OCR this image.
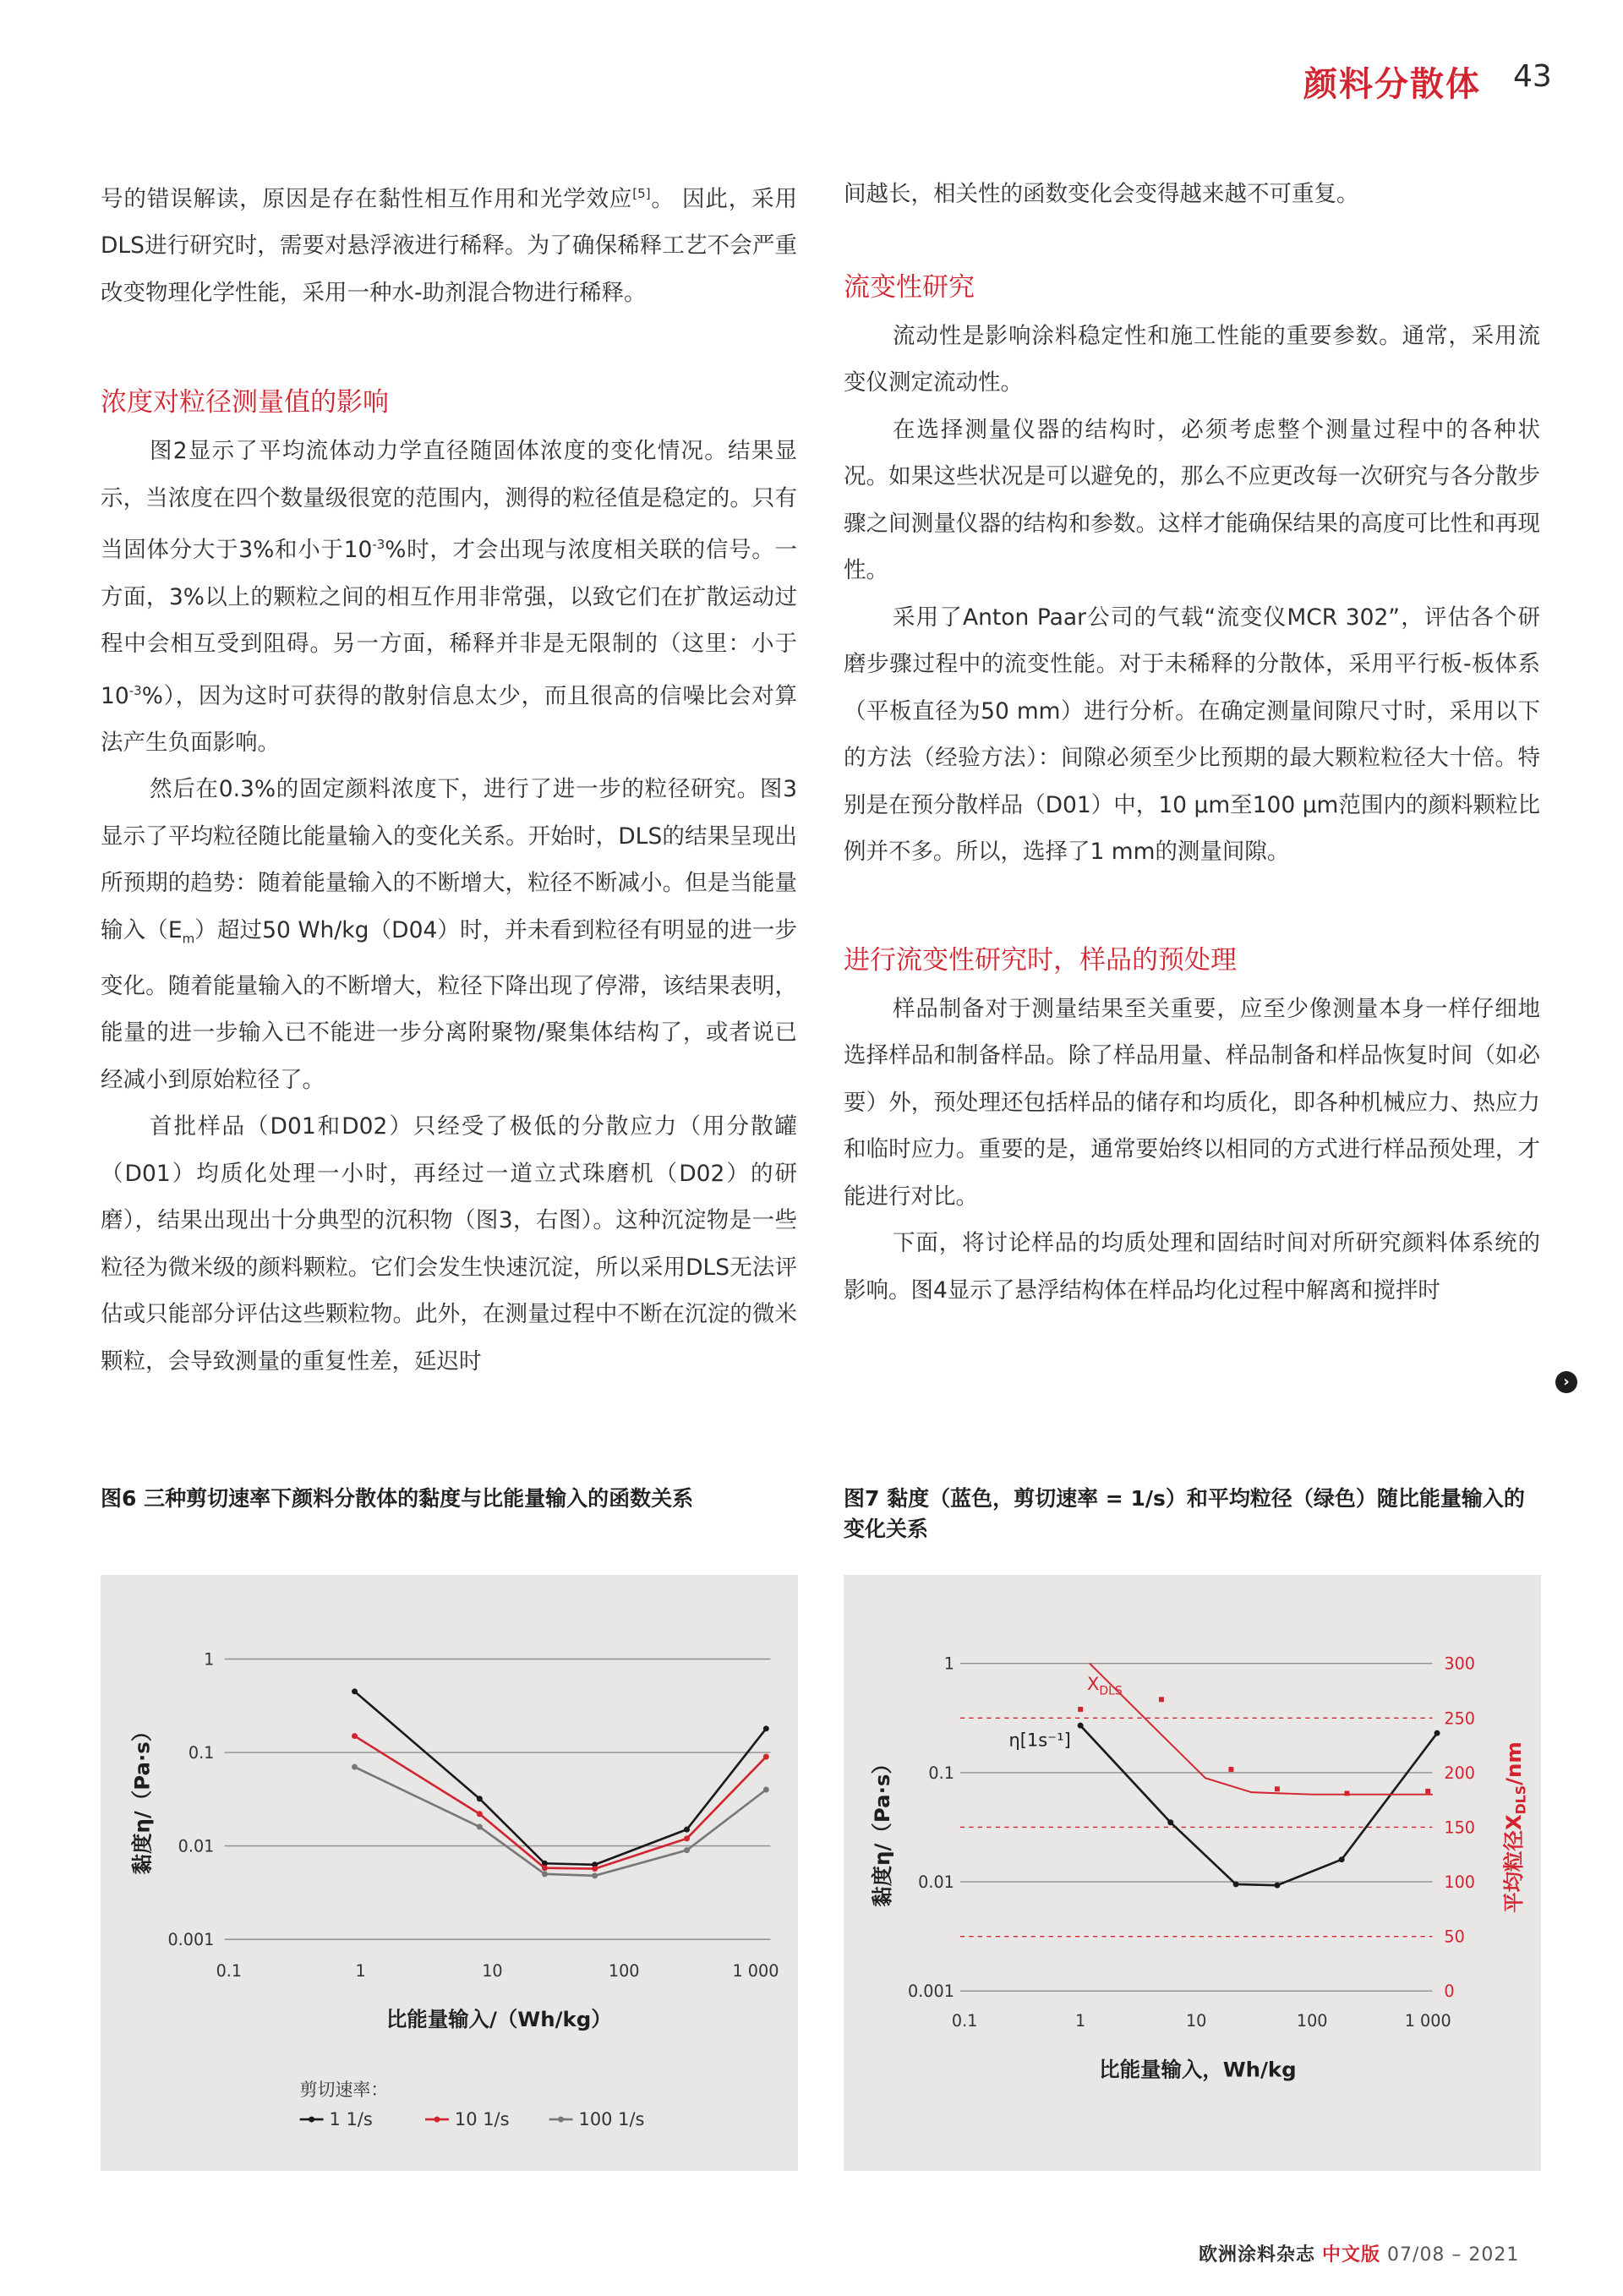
颜料分散体 43

号的错误解读，原因是存在黏性相互作用和光学效应[5]。 因此，采用DLS进行研究时，需要对悬浮液进行稀释。为了确保稀释工艺不会严重改变物理化学性能，采用一种水-助剂混合物进行稀释。

浓度对粒径测量值的影响

图2显示了平均流体动力学直径随固体浓度的变化情况。结果显示，当浓度在四个数量级很宽的范围内，测得的粒径值是稳定的。只有当固体分大于3%和小于$10^{-3}\%$时，才会出现与浓度相关联的信号。一方面，3%以上的颗粒之间的相互作用非常强，以致它们在扩散运动过程中会相互受到阻碍。另一方面，稀释并非是无限制的（这里：小于$10^{-3}\%$），因为这时可获得的散射信息太少，而且很高的信噪比会对算法产生负面影响。

然后在0.3%的固定颜料浓度下，进行了进一步的粒径研究。图3显示了平均粒径随比能量输入的变化关系。开始时，DLS的结果呈现出所预期的趋势：随着能量输入的不断增大，粒径不断减小。但是当能量输入$(E_m)$超过50 Wh/kg（D04）时，并未看到粒径有明显的进一步变化。随着能量输入的不断增大，粒径下降出现了停滞，该结果表明，能量的进一步输入已不能进一步分离附聚物/聚集体结构了，或者说已经减小到原始粒径了。

首批样品（D01和D02）只经受了极低的分散应力（用分散罐（D01）均质化处理一小时，再经过一道立式珠磨机（D02）的研磨），结果出现出十分典型的沉积物（图3，右图）。这种沉淀物是一些粒径为微米级的颜料颗粒。它们会发生快速沉淀，所以采用DLS无法评估或只能部分评估这些颗粒物。此外，在测量过程中不断在沉淀的微米颗粒，会导致测量的重复性差，延迟时

间越长，相关性的函数变化会变得越来越不可重复。

流变性研究

流动性是影响涂料稳定性和施工性能的重要参数。通常，采用流变仪测定流动性。

在选择测量仪器的结构时，必须考虑整个测量过程中的各种状况。如果这些状况是可以避免的，那么不应更改每一次研究与各分散步骤之间测量仪器的结构和参数。这样才能确保结果的高度可比性和再现性。

采用了Anton Paar公司的气载“流变仪MCR 302”，评估各个研磨步骤过程中的流变性能。对于未稀释的分散体，采用平行板-板体系（平板直径为50 mm）进行分析。在确定测量间隙尺寸时，采用以下的方法（经验方法）：间隙必须至少比预期的最大颗粒粒径大十倍。特别是在预分散样品（D01）中，10 μm至100 μm范围内的颜料颗粒比例并不多。所以，选择了1 mm的测量间隙。

进行流变性研究时，样品的预处理

样品制备对于测量结果至关重要，应至少像测量本身一样仔细地选择样品和制备样品。除了样品用量、样品制备和样品恢复时间（如必要）外，预处理还包括样品的储存和均质化，即各种机械应力、热应力和临时应力。重要的是，通常要始终以相同的方式进行样品预处理，才能进行对比。

下面，将讨论样品的均质处理和固结时间对所研究颜料体系统的影响。图4显示了悬浮结构体在样品均化过程中解离和搅拌时

›
图6 三种剪切速率下颜料分散体的黏度与比能量输入的函数关系	图7 黏度（蓝色，剪切速率 = 1/s）和平均粒径（绿色）随比能量输入的变化关系
1
0.1
0.01
0.001
0.1	1	10	100	1 000
比能量输入/（Wh/kg）
黏度η/（Pa·s）
剪切速率：
1 1/s	10 1/s	100 1/s
1
0.1
0.01
0.001
300
250
200
150
100
50
0
0.1	1	10	100	1 000
比能量输入，Wh/kg
黏度η/（Pa·s）	平均粒径$X_{DLS}/nm$
$X_{DLS}$
η[1s⁻¹]
欧洲涂料杂志 中文版 07/08 – 2021
